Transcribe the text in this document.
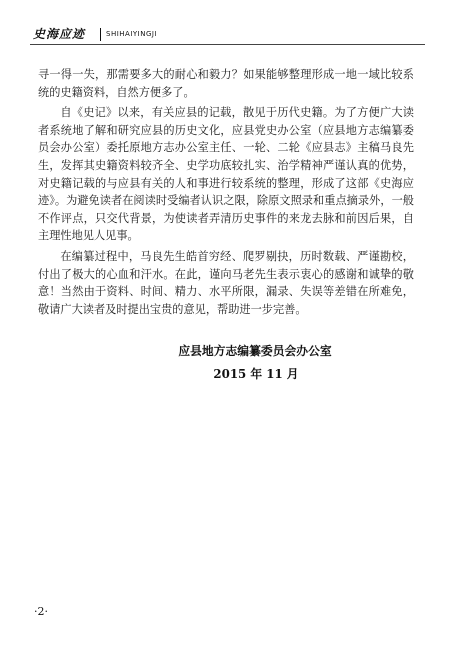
史海应迹	SHIHAIYINGJI

寻一得一失，那需要多大的耐心和毅力？如果能够整理形成一地一域比较系统的史籍资料，自然方便多了。

自《史记》以来，有关应县的记载，散见于历代史籍。为了方便广大读者系统地了解和研究应县的历史文化，应县党史办公室（应县地方志编纂委员会办公室）委托原地方志办公室主任、一轮、二轮《应县志》主稿马良先生，发挥其史籍资料较齐全、史学功底较扎实、治学精神严谨认真的优势，对史籍记载的与应县有关的人和事进行较系统的整理，形成了这部《史海应迹》。为避免读者在阅读时受编者认识之限，除原文照录和重点摘录外，一般不作评点，只交代背景，为使读者弄清历史事件的来龙去脉和前因后果，自主理性地见人见事。

在编纂过程中，马良先生皓首穷经、爬罗剔抉，历时数载、严谨勘校，付出了极大的心血和汗水。在此，谨向马老先生表示衷心的感谢和诚挚的敬意！当然由于资料、时间、精力、水平所限，漏录、失误等差错在所难免，敬请广大读者及时提出宝贵的意见，帮助进一步完善。

应县地方志编纂委员会办公室
2015 年 11 月
·2·
